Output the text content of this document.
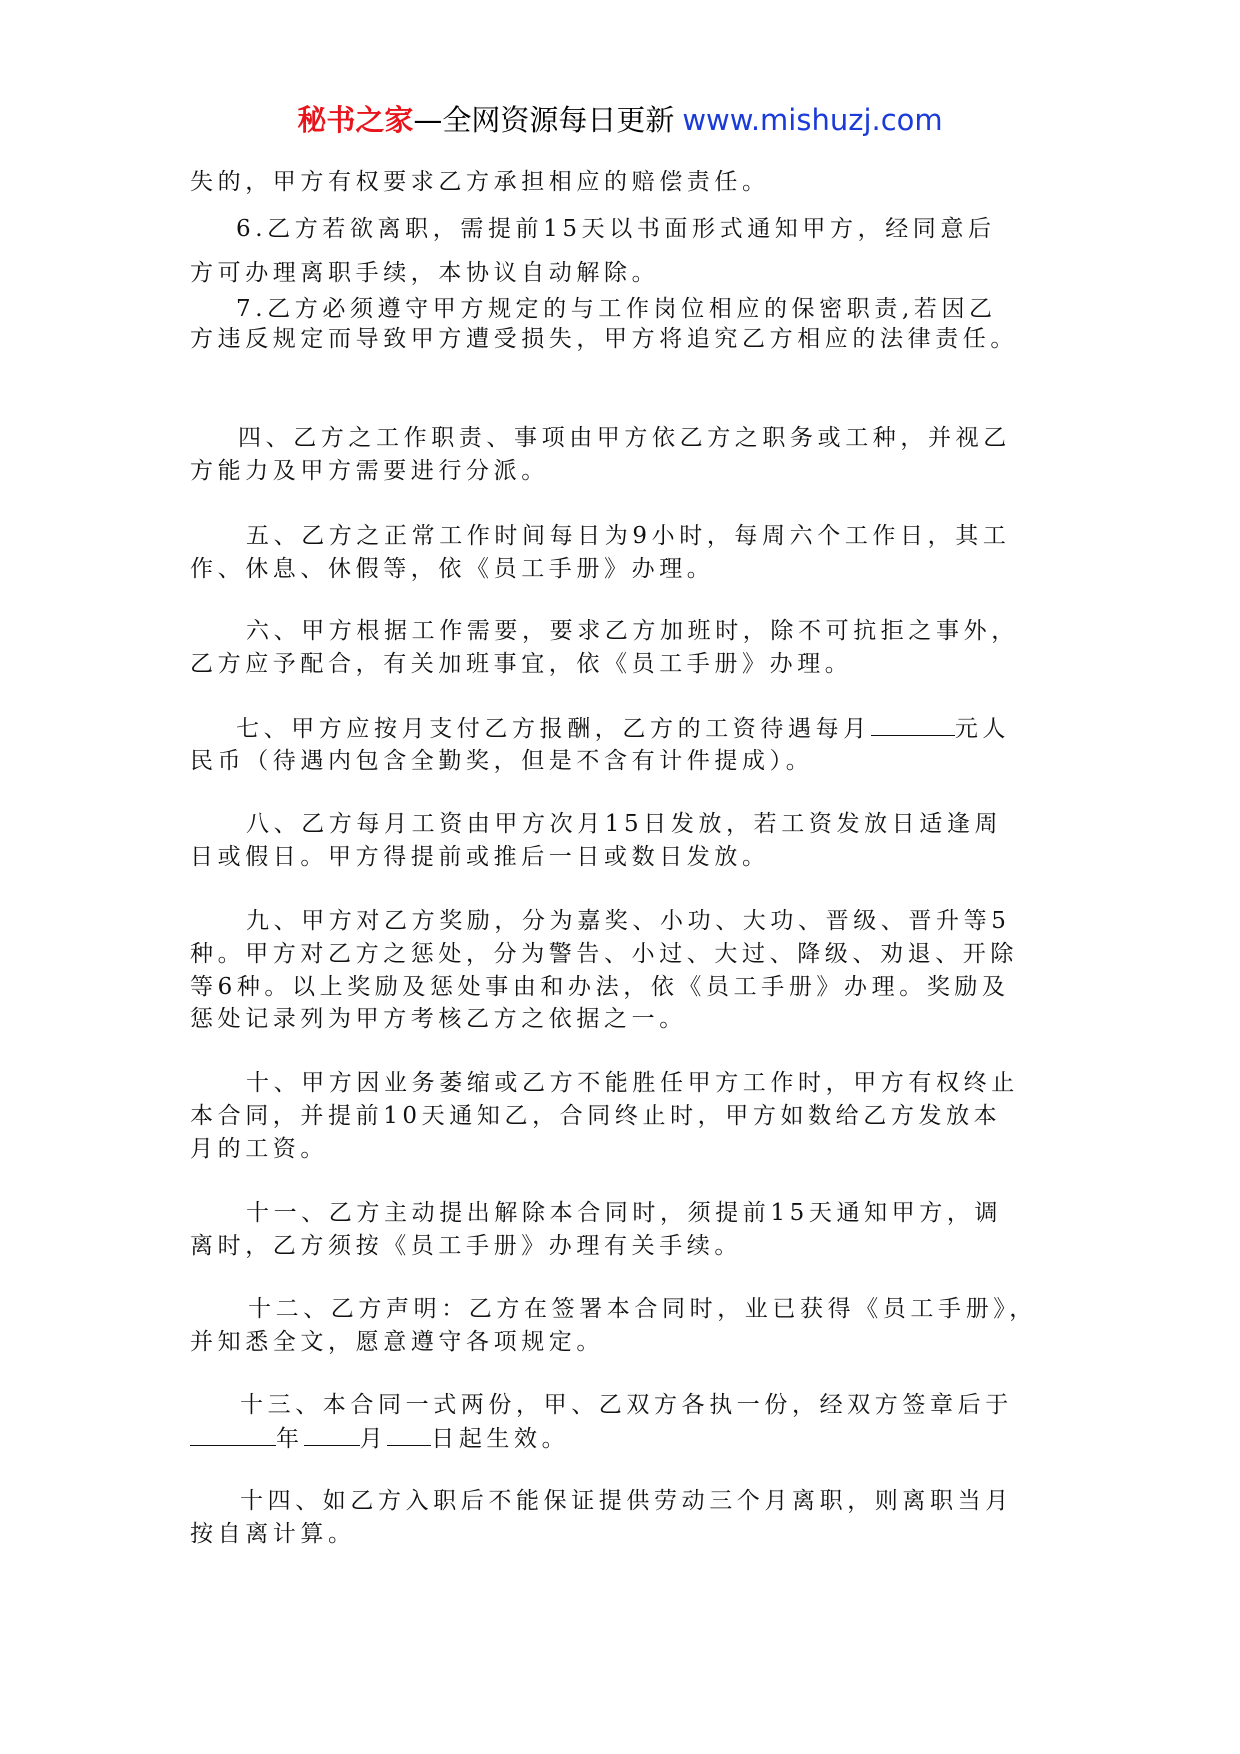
秘书之家—全网资源每日更新 www.mishuzj.com
失的，甲方有权要求乙方承担相应的赔偿责任。
6.乙方若欲离职，需提前15天以书面形式通知甲方，经同意后
方可办理离职手续，本协议自动解除。
7.乙方必须遵守甲方规定的与工作岗位相应的保密职责,若因乙
方违反规定而导致甲方遭受损失，甲方将追究乙方相应的法律责任。
四、乙方之工作职责、事项由甲方依乙方之职务或工种，并视乙
方能力及甲方需要进行分派。
五、乙方之正常工作时间每日为9小时，每周六个工作日，其工
作、休息、休假等，依《员工手册》办理。
六、甲方根据工作需要，要求乙方加班时，除不可抗拒之事外，
乙方应予配合，有关加班事宜，依《员工手册》办理。
七、甲方应按月支付乙方报酬，乙方的工资待遇每月	元人
民币（待遇内包含全勤奖，但是不含有计件提成）。
八、乙方每月工资由甲方次月15日发放，若工资发放日适逢周
日或假日。甲方得提前或推后一日或数日发放。
九、甲方对乙方奖励，分为嘉奖、小功、大功、晋级、晋升等5
种。甲方对乙方之惩处，分为警告、小过、大过、降级、劝退、开除
等6种。以上奖励及惩处事由和办法，依《员工手册》办理。奖励及
惩处记录列为甲方考核乙方之依据之一。
十、甲方因业务萎缩或乙方不能胜任甲方工作时，甲方有权终止
本合同，并提前10天通知乙，合同终止时，甲方如数给乙方发放本
月的工资。
十一、乙方主动提出解除本合同时，须提前15天通知甲方，调
离时，乙方须按《员工手册》办理有关手续。
十二、乙方声明：乙方在签署本合同时，业已获得《员工手册》，
并知悉全文，愿意遵守各项规定。
十三、本合同一式两份，甲、乙双方各执一份，经双方签章后于
年 月 日起生效。
十四、如乙方入职后不能保证提供劳动三个月离职，则离职当月
按自离计算。
